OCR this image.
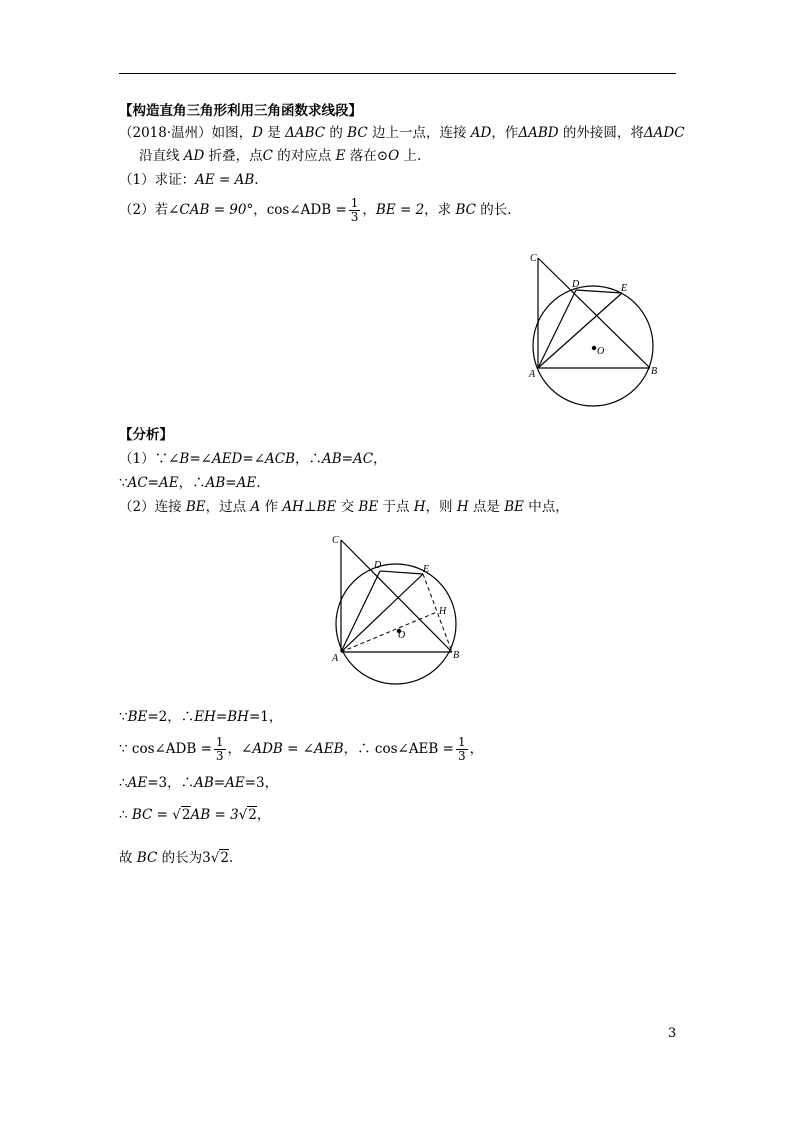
【构造直角三角形利用三角函数求线段】
（2018·温州）如图，D 是 ΔABC 的 BC 边上一点，连接 AD，作ΔABD 的外接圆，将ΔADC
沿直线 AD 折叠，点C 的对应点 E 落在⊙O 上.
（1）求证：AE = AB.
（2）若∠CAB = 90°，cos∠ADB = $\frac{1}{3}$ ，BE = 2，求 BC 的长.
C
D	E
O
A	B
【分析】
（1）∵∠B=∠AED=∠ACB，∴AB=AC，
∵AC=AE，∴AB=AE.
（2）连接 BE，过点 A 作 AH⊥BE 交 BE 于点 H，则 H 点是 BE 中点，
C
D	E
H
O
A	B
∵BE=2，∴EH=BH=1，
∵ cos∠ADB = $\frac{1}{3}$ ，∠ADB = ∠AEB，∴ cos∠AEB = $\frac{1}{3}$ ，
∴AE=3，∴AB=AE=3，
∴ BC = √2AB = 3√2，
故 BC 的长为3√2.
3
